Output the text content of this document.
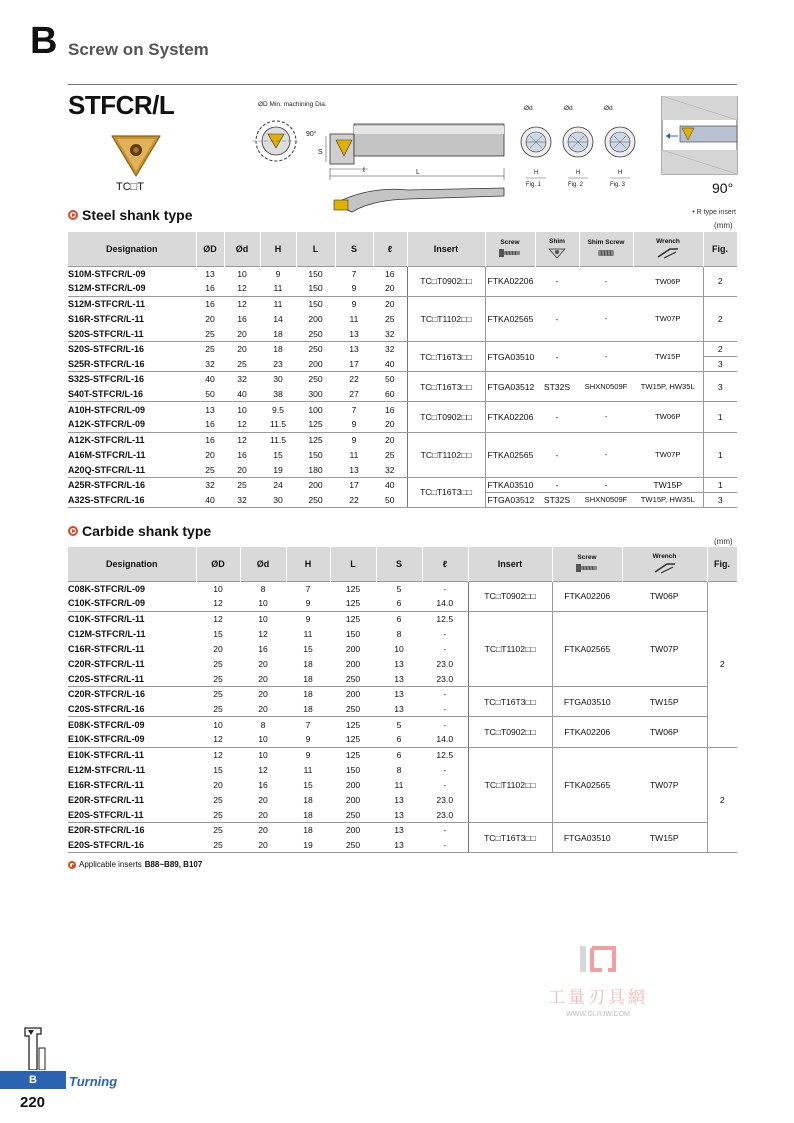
B Screw on System
STFCR/L
TC□T
ØD Min. machining Dia.
90°
S
L
ℓ
Ød
H
Fig. 1
Ød
H
Fig. 2
Ød
H
Fig. 3	90°
Steel shank type	• R type insert
(mm)
Designation	ØD	Ød	H	L	S	ℓ	Insert	Screw	Shim	Shim Screw	Wrench	Fig.
S10M-STFCR/L-09	13	10	9	150	7	16	TC□T0902□□	FTKA02206	-	-	TW06P	2
S12M-STFCR/L-09	16	12	11	150	9	20						
S12M-STFCR/L-11	16	12	11	150	9	20	TC□T1102□□	FTKA02565	-	-	TW07P	2
S16R-STFCR/L-11	20	16	14	200	11	25						
S20S-STFCR/L-11	25	20	18	250	13	32						
S20S-STFCR/L-16	25	20	18	250	13	32	TC□T16T3□□	FTGA03510	-	-	TW15P	2
S25R-STFCR/L-16	32	25	23	200	17	40						3
S32S-STFCR/L-16	40	32	30	250	22	50	TC□T16T3□□	FTGA03512	ST32S	SHXN0509F	TW15P, HW35L	3
S40T-STFCR/L-16	50	40	38	300	27	60						
A10H-STFCR/L-09	13	10	9.5	100	7	16	TC□T0902□□	FTKA02206	-	-	TW06P	1
A12K-STFCR/L-09	16	12	11.5	125	9	20						
A12K-STFCR/L-11	16	12	11.5	125	9	20	TC□T1102□□	FTKA02565	-	-	TW07P	1
A16M-STFCR/L-11	20	16	15	150	11	25						
A20Q-STFCR/L-11	25	20	19	180	13	32						
A25R-STFCR/L-16	32	25	24	200	17	40	TC□T16T3□□	FTKA03510	-	-	TW15P	1
A32S-STFCR/L-16	40	32	30	250	22	50		FTGA03512	ST32S	SHXN0509F	TW15P, HW35L	3
Carbide shank type
(mm)
Designation	ØD	Ød	H	L	S	ℓ	Insert	Screw	Wrench	Fig.
C08K-STFCR/L-09	10	8	7	125	5	-	TC□T0902□□	FTKA02206	TW06P	2
C10K-STFCR/L-09	12	10	9	125	6	14.0				
C10K-STFCR/L-11	12	10	9	125	6	12.5	TC□T1102□□	FTKA02565	TW07P	
C12M-STFCR/L-11	15	12	11	150	8	-				
C16R-STFCR/L-11	20	16	15	200	10	-				
C20R-STFCR/L-11	25	20	18	200	13	23.0				
C20S-STFCR/L-11	25	20	18	250	13	23.0				
C20R-STFCR/L-16	25	20	18	200	13	-	TC□T16T3□□	FTGA03510	TW15P	
C20S-STFCR/L-16	25	20	18	250	13	-				
E08K-STFCR/L-09	10	8	7	125	5	-	TC□T0902□□	FTKA02206	TW06P	
E10K-STFCR/L-09	12	10	9	125	6	14.0				
E10K-STFCR/L-11	12	10	9	125	6	12.5	TC□T1102□□	FTKA02565	TW07P	2
E12M-STFCR/L-11	15	12	11	150	8	-				
E16R-STFCR/L-11	20	16	15	200	11	-				
E20R-STFCR/L-11	25	20	18	200	13	23.0				
E20S-STFCR/L-11	25	20	18	250	13	23.0				
E20R-STFCR/L-16	25	20	18	200	13	-	TC□T16T3□□	FTGA03510	TW15P	
E20S-STFCR/L-16	25	20	19	250	13	-				
Applicable inserts B88~B89, B107
工量刃具網
WWW.GLRJW.COM
B	Turning
220
